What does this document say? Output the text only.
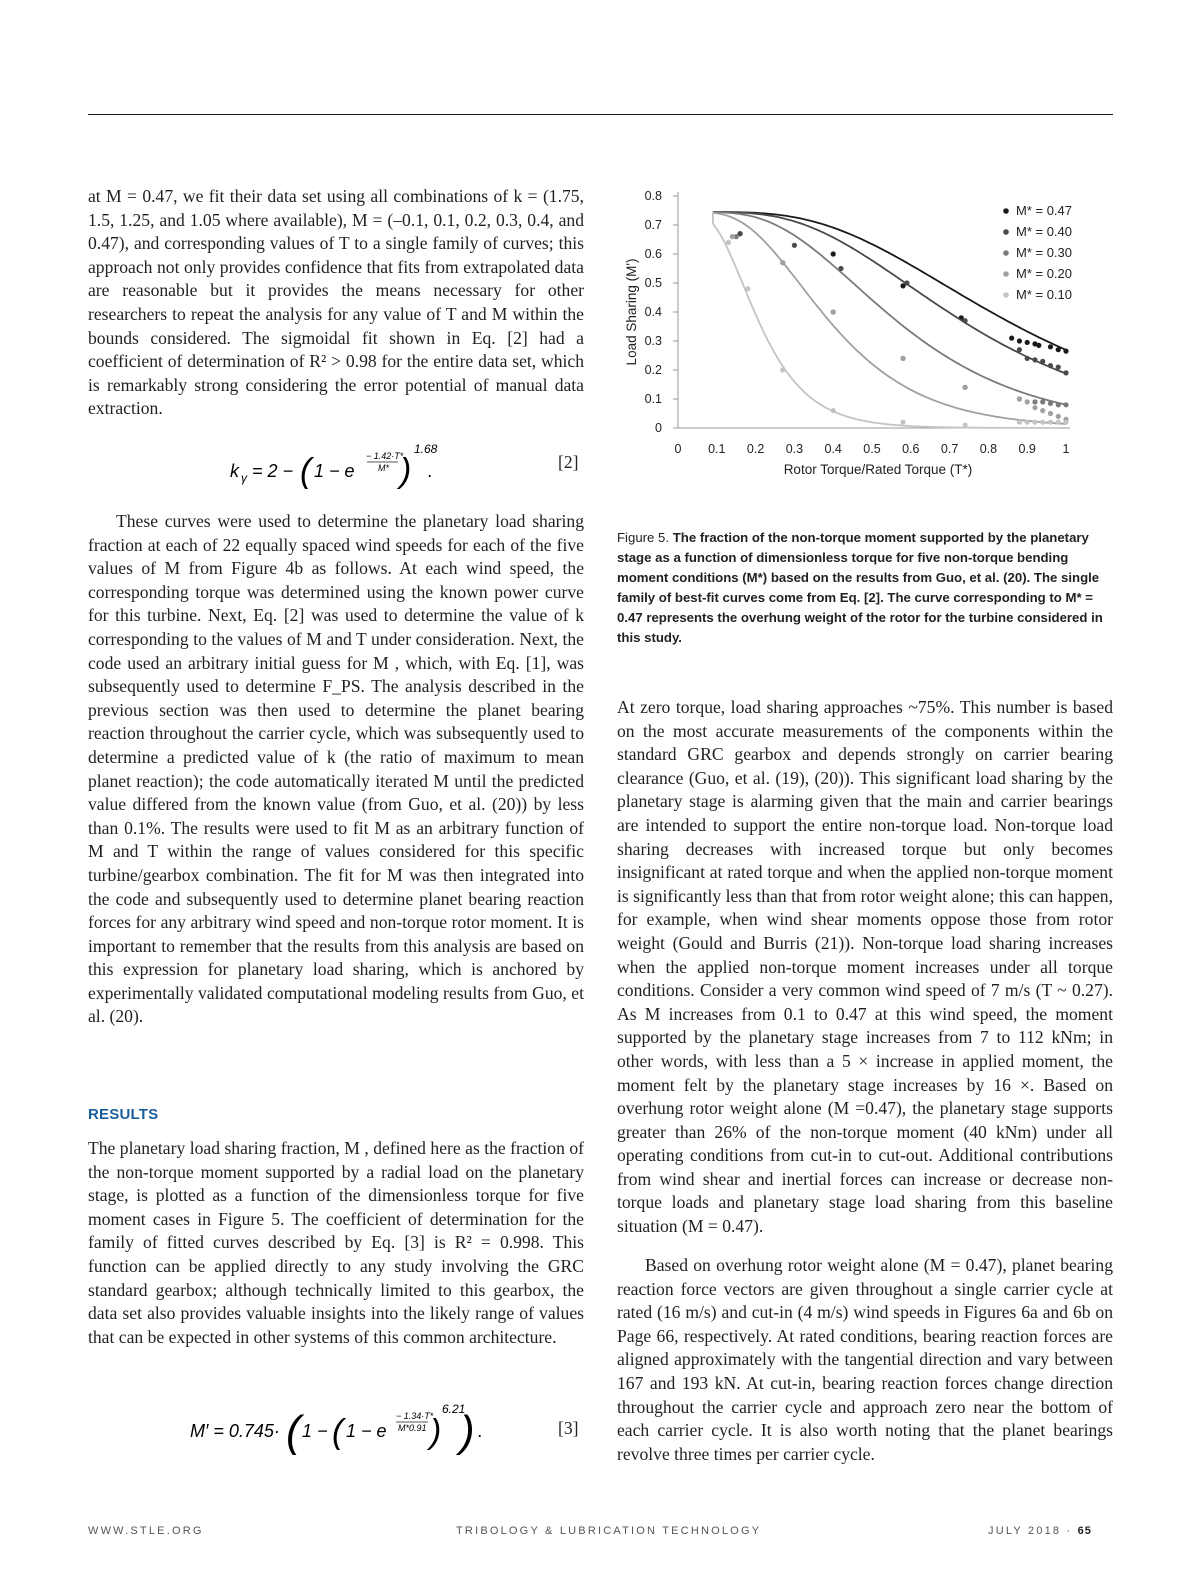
at M = 0.47, we fit their data set using all combinations of k = (1.75, 1.5, 1.25, and 1.05 where available), M = (–0.1, 0.1, 0.2, 0.3, 0.4, and 0.47), and corresponding values of T to a single family of curves; this approach not only provides confidence that fits from extrapolated data are reasonable but it provides the means necessary for other researchers to repeat the analysis for any value of T and M within the bounds considered. The sigmoidal fit shown in Eq. [2] had a coefficient of determination of R² > 0.98 for the entire data set, which is remarkably strong considering the error potential of manual data extraction.

k γ = 2 − ( 1 − e
− 1.42·T*
M* )
1.68
.	[2]

These curves were used to determine the planetary load sharing fraction at each of 22 equally spaced wind speeds for each of the five values of M from Figure 4b as follows. At each wind speed, the corresponding torque was determined using the known power curve for this turbine. Next, Eq. [2] was used to determine the value of k corresponding to the values of M and T under consideration. Next, the code used an arbitrary initial guess for M , which, with Eq. [1], was subsequently used to determine F_PS. The analysis described in the previous section was then used to determine the planet bearing reaction throughout the carrier cycle, which was subsequently used to determine a predicted value of k (the ratio of maximum to mean planet reaction); the code automatically iterated M until the predicted value differed from the known value (from Guo, et al. (20)) by less than 0.1%. The results were used to fit M as an arbitrary function of M and T within the range of values considered for this specific turbine/gearbox combination. The fit for M was then integrated into the code and subsequently used to determine planet bearing reaction forces for any arbitrary wind speed and non-torque rotor moment. It is important to remember that the results from this analysis are based on this expression for planetary load sharing, which is anchored by experimentally validated computational modeling results from Guo, et al. (20).

RESULTS

The planetary load sharing fraction, M , defined here as the fraction of the non-torque moment supported by a radial load on the planetary stage, is plotted as a function of the dimensionless torque for five moment cases in Figure 5. The coefficient of determination for the family of fitted curves described by Eq. [3] is R² = 0.998. This function can be applied directly to any study involving the GRC standard gearbox; although technically limited to this gearbox, the data set also provides valuable insights into the likely range of values that can be expected in other systems of this common architecture.

M′ = 0.745· ( 1 − ( 1 − e
− 1.34·T*
M*0.91 )
6.21
) .	[3]
0
0.1
0.2
0.3
0.4
0.5
0.6
0.7
0.8
0 0.1 0.2 0.3 0.4 0.5 0.6 0.7 0.8 0.9 1
Rotor Torque/Rated Torque (T*)
Load Sharing (M')
M* = 0.47
M* = 0.40
M* = 0.30
M* = 0.20
M* = 0.10
Figure 5. The fraction of the non-torque moment supported by the planetary stage as a function of dimensionless torque for five non-torque bending moment conditions (M*) based on the results from Guo, et al. (20). The single family of best-fit curves come from Eq. [2]. The curve corresponding to M* = 0.47 represents the overhung weight of the rotor for the turbine considered in this study.

At zero torque, load sharing approaches ~75%. This number is based on the most accurate measurements of the components within the standard GRC gearbox and depends strongly on carrier bearing clearance (Guo, et al. (19), (20)). This significant load sharing by the planetary stage is alarming given that the main and carrier bearings are intended to support the entire non-torque load. Non-torque load sharing decreases with increased torque but only becomes insignificant at rated torque and when the applied non-torque moment is significantly less than that from rotor weight alone; this can happen, for example, when wind shear moments oppose those from rotor weight (Gould and Burris (21)). Non-torque load sharing increases when the applied non-torque moment increases under all torque conditions. Consider a very common wind speed of 7 m/s (T ~ 0.27). As M increases from 0.1 to 0.47 at this wind speed, the moment supported by the planetary stage increases from 7 to 112 kNm; in other words, with less than a 5 × increase in applied moment, the moment felt by the planetary stage increases by 16 ×. Based on overhung rotor weight alone (M =0.47), the planetary stage supports greater than 26% of the non-torque moment (40 kNm) under all operating conditions from cut-in to cut-out. Additional contributions from wind shear and inertial forces can increase or decrease non-torque loads and planetary stage load sharing from this baseline situation (M = 0.47).

Based on overhung rotor weight alone (M = 0.47), planet bearing reaction force vectors are given throughout a single carrier cycle at rated (16 m/s) and cut-in (4 m/s) wind speeds in Figures 6a and 6b on Page 66, respectively. At rated conditions, bearing reaction forces are aligned approximately with the tangential direction and vary between 167 and 193 kN. At cut-in, bearing reaction forces change direction throughout the carrier cycle and approach zero near the bottom of each carrier cycle. It is also worth noting that the planet bearings revolve three times per carrier cycle.

WWW.STLE.ORG	TRIBOLOGY & LUBRICATION TECHNOLOGY	JULY 2018 · 65
